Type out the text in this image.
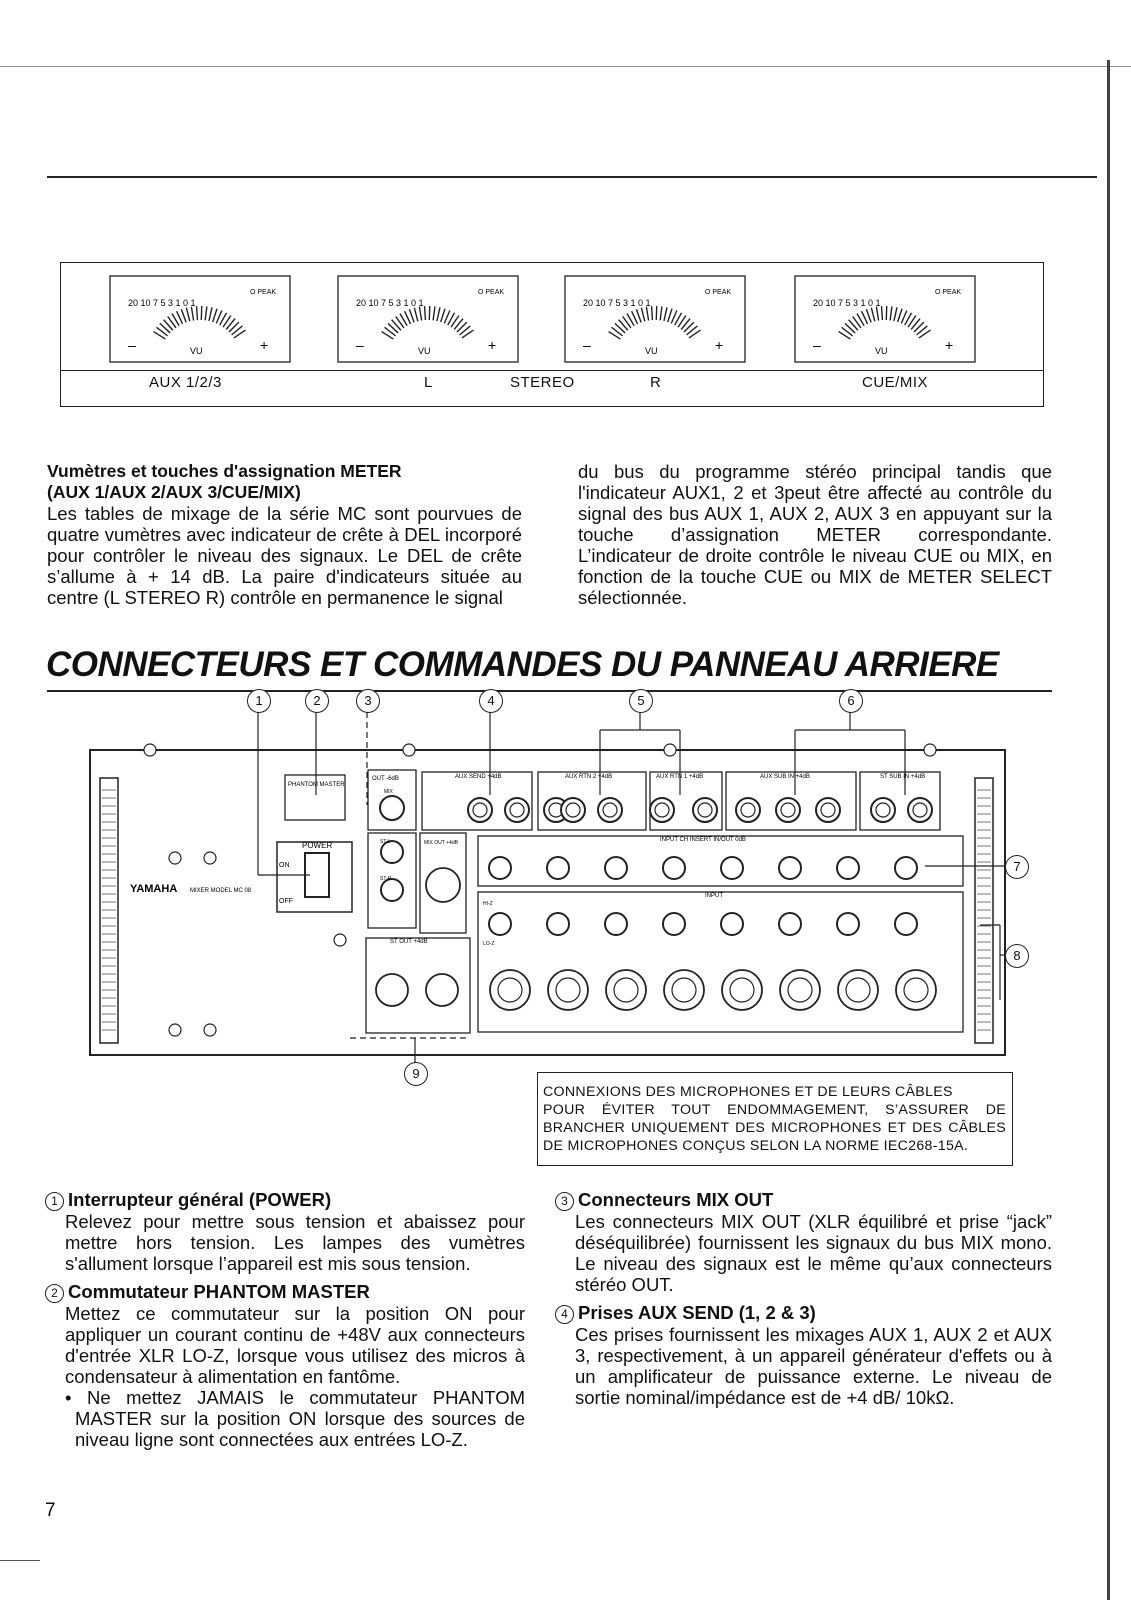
20 10 7 5 3 1 0 1
O PEAK
VU
–	+
20 10 7 5 3 1 0 1
O PEAK
VU
–	+
20 10 7 5 3 1 0 1
O PEAK
VU
–	+
20 10 7 5 3 1 0 1
O PEAK
VU
–	+
AUX 1/2/3	L	STEREO	R	CUE/MIX
Vumètres et touches d'assignation METER
(AUX 1/AUX 2/AUX 3/CUE/MIX)
Les tables de mixage de la série MC sont pourvues de quatre vumètres avec indicateur de crête à DEL incorporé pour contrôler le niveau des signaux. Le DEL de crête s’allume à + 14 dB. La paire d'indicateurs située au centre (L STEREO R) contrôle en permanence le signal
du bus du programme stéréo principal tandis que l'indicateur AUX1, 2 et 3peut être affecté au contrôle du signal des bus AUX 1, AUX 2, AUX 3 en appuyant sur la touche d’assignation METER correspondante. L’indicateur de droite contrôle le niveau CUE ou MIX, en fonction de la touche CUE ou MIX de METER SELECT sélectionnée.
CONNECTEURS ET COMMANDES DU PANNEAU ARRIERE
YAMAHA MIXER MODEL MC 08
PHANTOM MASTER
POWER
ON
OFF
OUT -6dB
MIX
ST-L
ST-R
MIX OUT +4dB
ST OUT +4dB
AUX SEND +4dB	AUX RTN 2 +4dB	AUX RTN 1 +4dB	AUX SUB IN +4dB	ST SUB IN +4dB
INPUT CH INSERT IN/OUT 0dB
INPUT
HI-Z
LO-Z
1	2	3	4	5	6
7
8
9

CONNEXIONS DES MICROPHONES ET DE LEURS CÂBLES

POUR ÉVITER TOUT ENDOMMAGEMENT, S’ASSURER DE BRANCHER UNIQUEMENT DES MICROPHONES ET DES CÂBLES DE MICROPHONES CONÇUS SELON LA NORME IEC268-15A.

1 Interrupteur général (POWER)

Relevez pour mettre sous tension et abaissez pour mettre hors tension. Les lampes des vumètres s'allument lorsque l’appareil est mis sous tension.

2 Commutateur PHANTOM MASTER

Mettez ce commutateur sur la position ON pour appliquer un courant continu de +48V aux connecteurs d'entrée XLR LO-Z, lorsque vous utilisez des micros à condensateur à alimentation en fantôme.

• Ne mettez JAMAIS le commutateur PHANTOM MASTER sur la position ON lorsque des sources de niveau ligne sont connectées aux entrées LO-Z.

3 Connecteurs MIX OUT

Les connecteurs MIX OUT (XLR équilibré et prise “jack” déséquilibrée) fournissent les signaux du bus MIX mono. Le niveau des signaux est le même qu’aux connecteurs stéréo OUT.

4 Prises AUX SEND (1, 2 & 3)

Ces prises fournissent les mixages AUX 1, AUX 2 et AUX 3, respectivement, à un appareil générateur d'effets ou à un amplificateur de puissance externe. Le niveau de sortie nominal/impédance est de +4 dB/ 10kΩ.

7
